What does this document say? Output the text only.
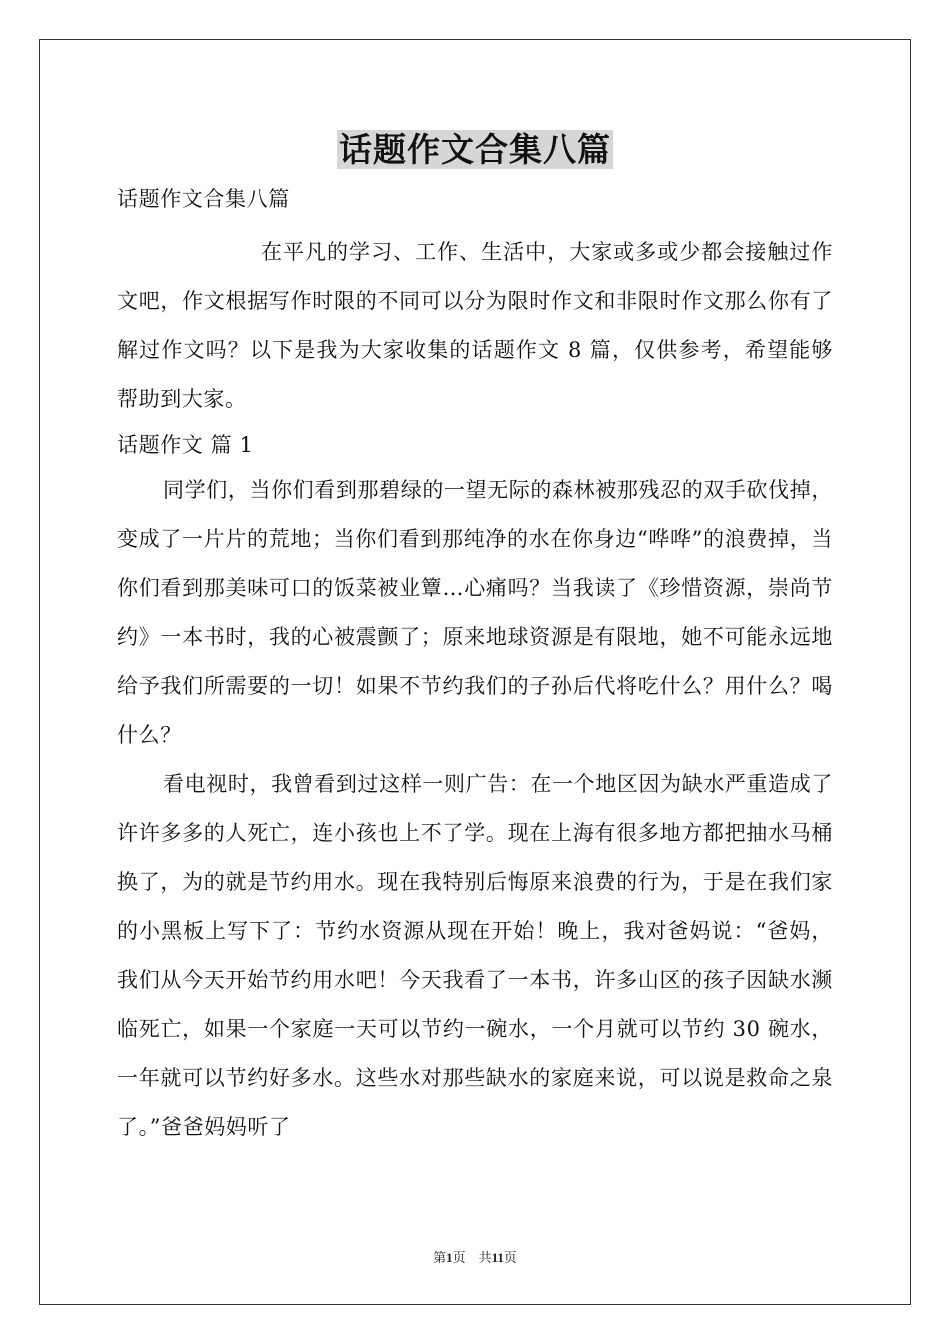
话题作文合集八篇

话题作文合集八篇

在平凡的学习、工作、生活中，大家或多或少都会接触过作文吧，作文根据写作时限的不同可以分为限时作文和非限时作文那么你有了解过作文吗？以下是我为大家收集的话题作文 8 篇，仅供参考，希望能够帮助到大家。

话题作文 篇 1

同学们，当你们看到那碧绿的一望无际的森林被那残忍的双手砍伐掉，变成了一片片的荒地；当你们看到那纯净的水在你身边“哗哗”的浪费掉，当你们看到那美味可口的饭菜被业簟…心痛吗？当我读了《珍惜资源，崇尚节约》一本书时，我的心被震颤了；原来地球资源是有限地，她不可能永远地给予我们所需要的一切！如果不节约我们的子孙后代将吃什么？用什么？喝什么？

看电视时，我曾看到过这样一则广告：在一个地区因为缺水严重造成了许许多多的人死亡，连小孩也上不了学。现在上海有很多地方都把抽水马桶换了，为的就是节约用水。现在我特别后悔原来浪费的行为，于是在我们家的小黑板上写下了：节约水资源从现在开始！晚上，我对爸妈说：“爸妈，我们从今天开始节约用水吧！今天我看了一本书，许多山区的孩子因缺水濒临死亡，如果一个家庭一天可以节约一碗水，一个月就可以节约 30 碗水，一年就可以节约好多水。这些水对那些缺水的家庭来说，可以说是救命之泉了。”爸爸妈妈听了

第1页　共11页
